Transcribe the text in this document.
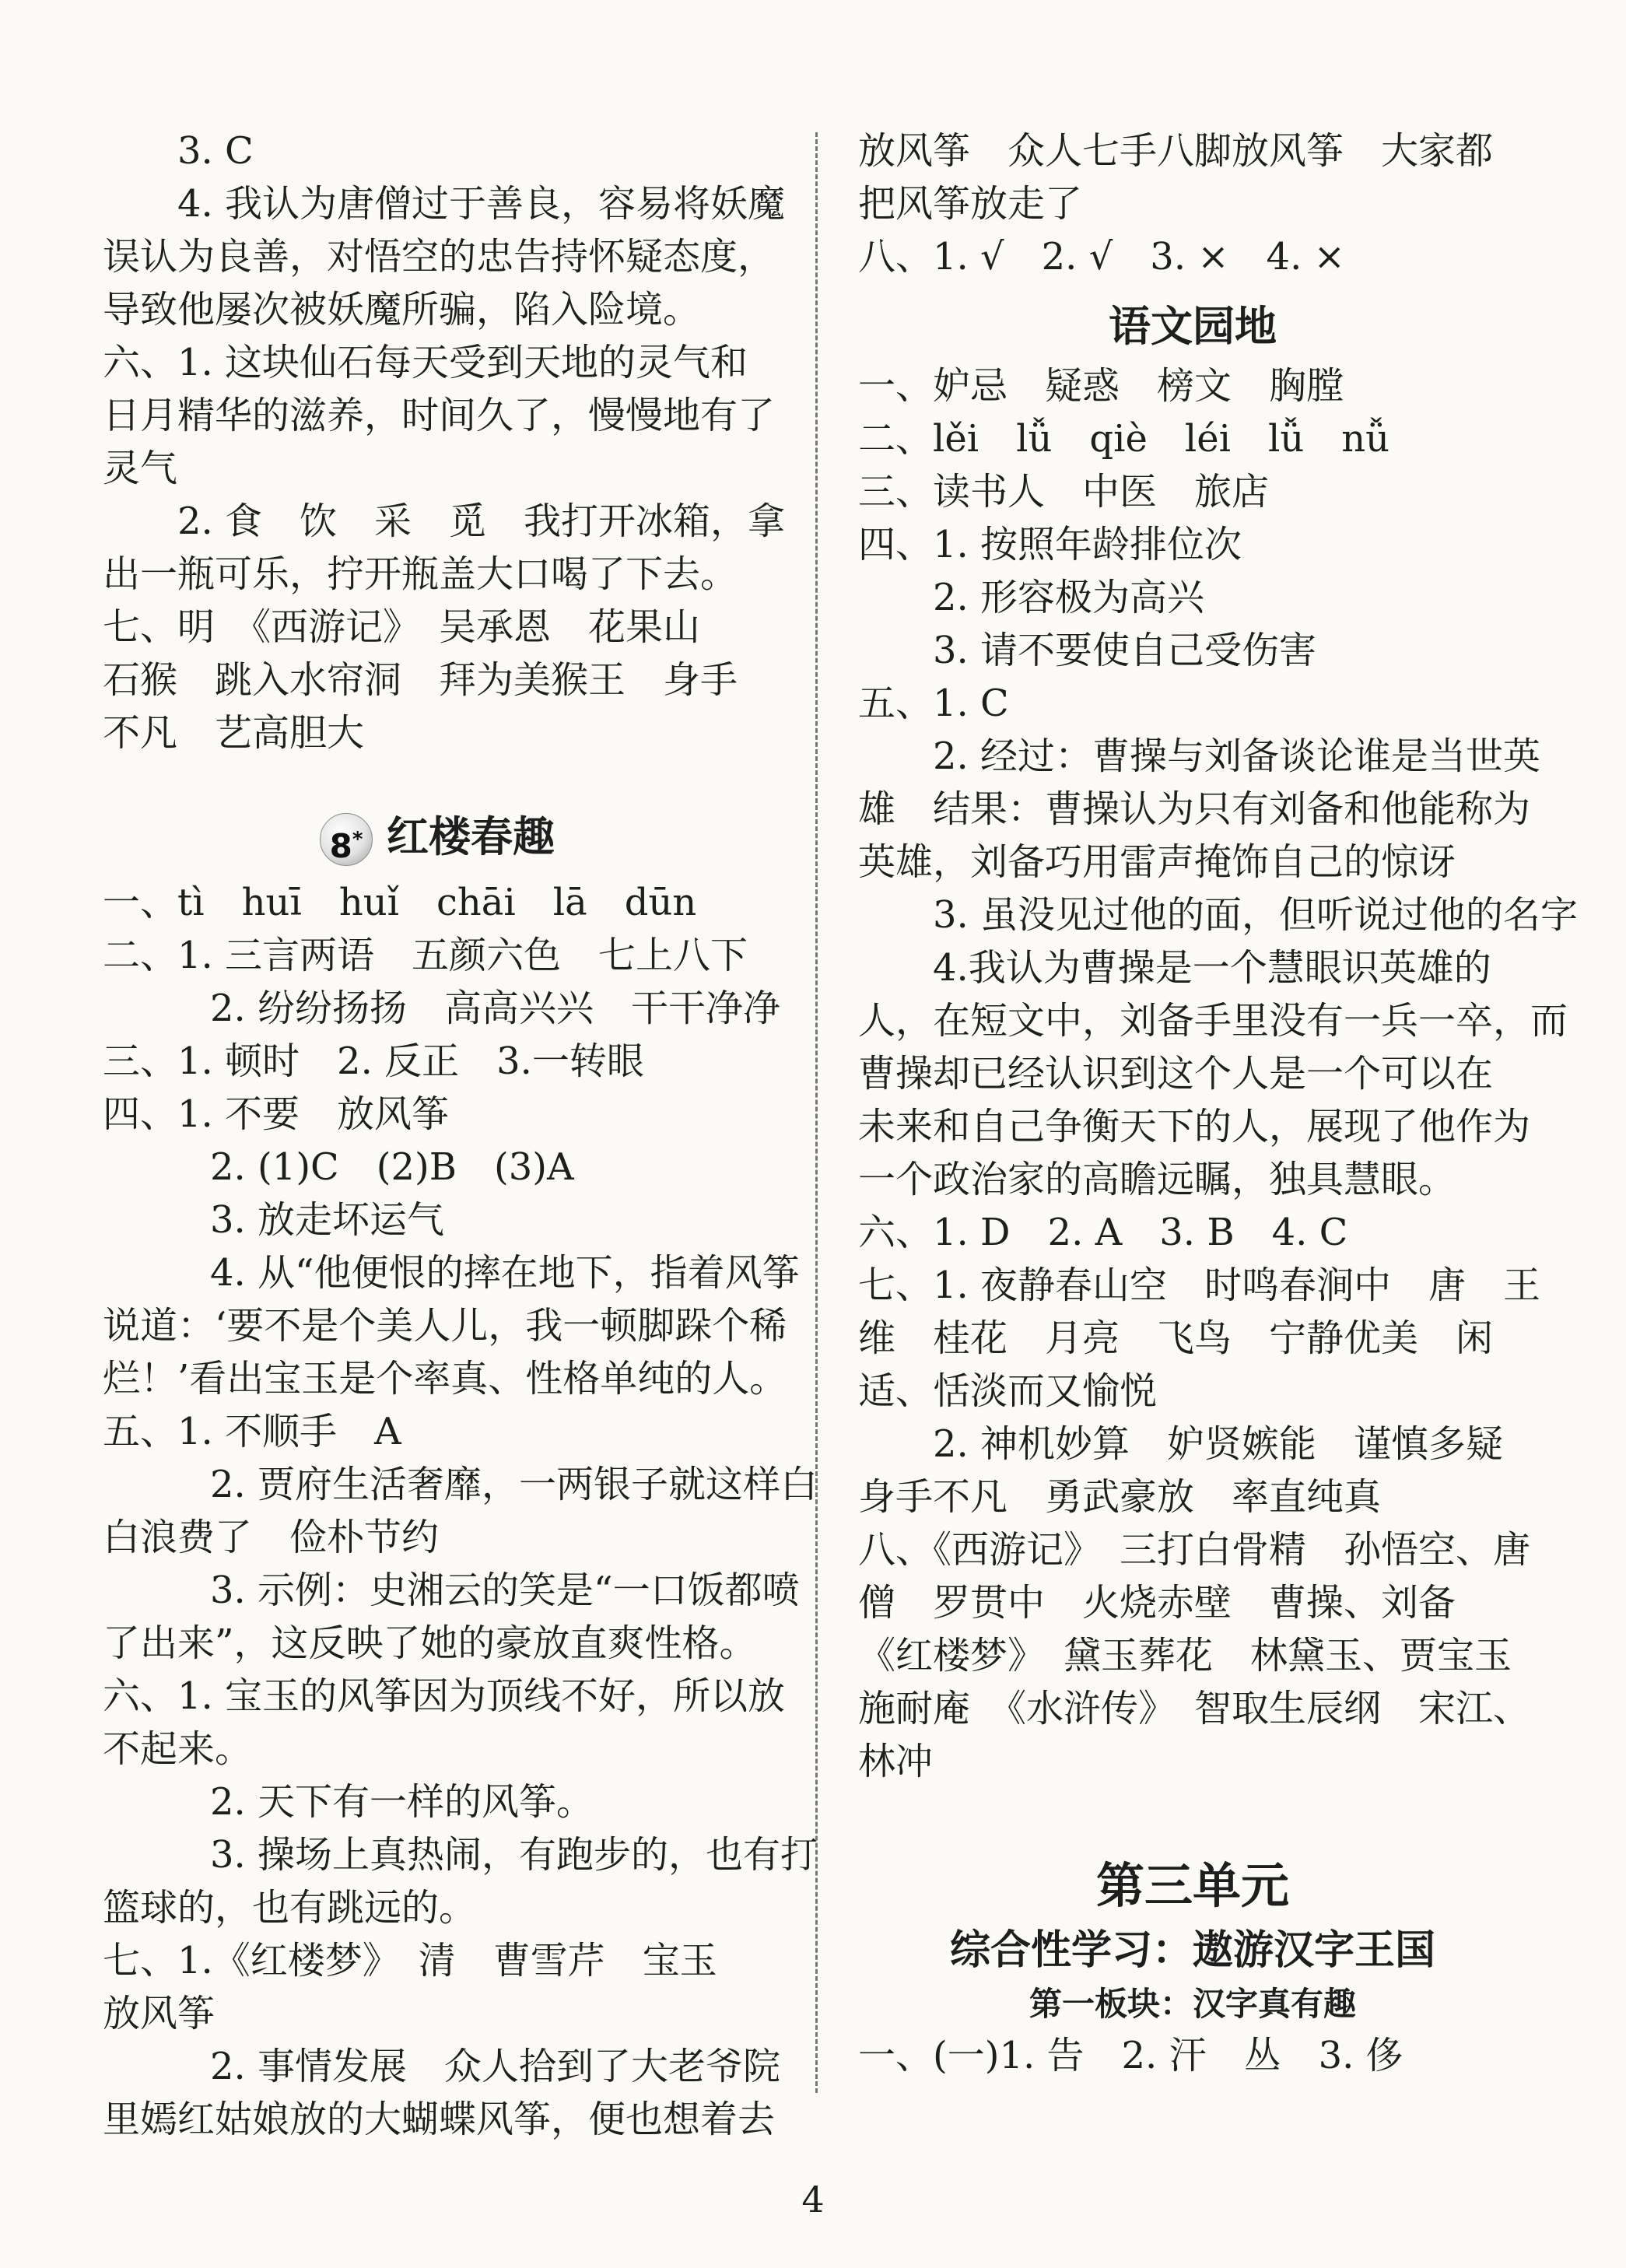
3. C
4. 我认为唐僧过于善良，容易将妖魔
误认为良善，对悟空的忠告持怀疑态度，
导致他屡次被妖魔所骗，陷入险境。
六、1. 这块仙石每天受到天地的灵气和
日月精华的滋养，时间久了，慢慢地有了
灵气
2. 食　饮　采　觅　我打开冰箱，拿
出一瓶可乐，拧开瓶盖大口喝了下去。
七、明　《西游记》　吴承恩　花果山
石猴　跳入水帘洞　拜为美猴王　身手
不凡　艺高胆大
8* 红楼春趣
一、tì　huī　huǐ　chāi　lā　dūn
二、1. 三言两语　五颜六色　七上八下
2. 纷纷扬扬　高高兴兴　干干净净
三、1. 顿时　2. 反正　3.一转眼
四、1. 不要　放风筝
2. (1)C　(2)B　(3)A
3. 放走坏运气
4. 从“他便恨的摔在地下，指着风筝
说道：‘要不是个美人儿，我一顿脚跺个稀
烂！’看出宝玉是个率真、性格单纯的人。
五、1. 不顺手　A
2. 贾府生活奢靡，一两银子就这样白
白浪费了　俭朴节约
3. 示例：史湘云的笑是“一口饭都喷
了出来”，这反映了她的豪放直爽性格。
六、1. 宝玉的风筝因为顶线不好，所以放
不起来。
2. 天下有一样的风筝。
3. 操场上真热闹，有跑步的，也有打
篮球的，也有跳远的。
七、1.《红楼梦》　清　曹雪芹　宝玉
放风筝
2. 事情发展　众人拾到了大老爷院
里嫣红姑娘放的大蝴蝶风筝，便也想着去
放风筝　众人七手八脚放风筝　大家都
把风筝放走了
八、1. √　2. √　3. ×　4. ×
语文园地
一、妒忌　疑惑　榜文　胸膛
二、lěi　lǚ　qiè　léi　lǚ　nǚ
三、读书人　中医　旅店
四、1. 按照年龄排位次
2. 形容极为高兴
3. 请不要使自己受伤害
五、1. C
2. 经过：曹操与刘备谈论谁是当世英
雄　结果：曹操认为只有刘备和他能称为
英雄，刘备巧用雷声掩饰自己的惊讶
3. 虽没见过他的面，但听说过他的名字
4.我认为曹操是一个慧眼识英雄的
人，在短文中，刘备手里没有一兵一卒，而
曹操却已经认识到这个人是一个可以在
未来和自己争衡天下的人，展现了他作为
一个政治家的高瞻远瞩，独具慧眼。
六、1. D　2. A　3. B　4. C
七、1. 夜静春山空　时鸣春涧中　唐　王
维　桂花　月亮　飞鸟　宁静优美　闲
适、恬淡而又愉悦
2. 神机妙算　妒贤嫉能　谨慎多疑
身手不凡　勇武豪放　率直纯真
八、《西游记》　三打白骨精　孙悟空、唐
僧　罗贯中　火烧赤壁　曹操、刘备
《红楼梦》　黛玉葬花　林黛玉、贾宝玉
施耐庵　《水浒传》　智取生辰纲　宋江、
林冲
第三单元
综合性学习：遨游汉字王国
第一板块：汉字真有趣
一、(一)1. 告　2. 汗　丛　3. 侈
4
